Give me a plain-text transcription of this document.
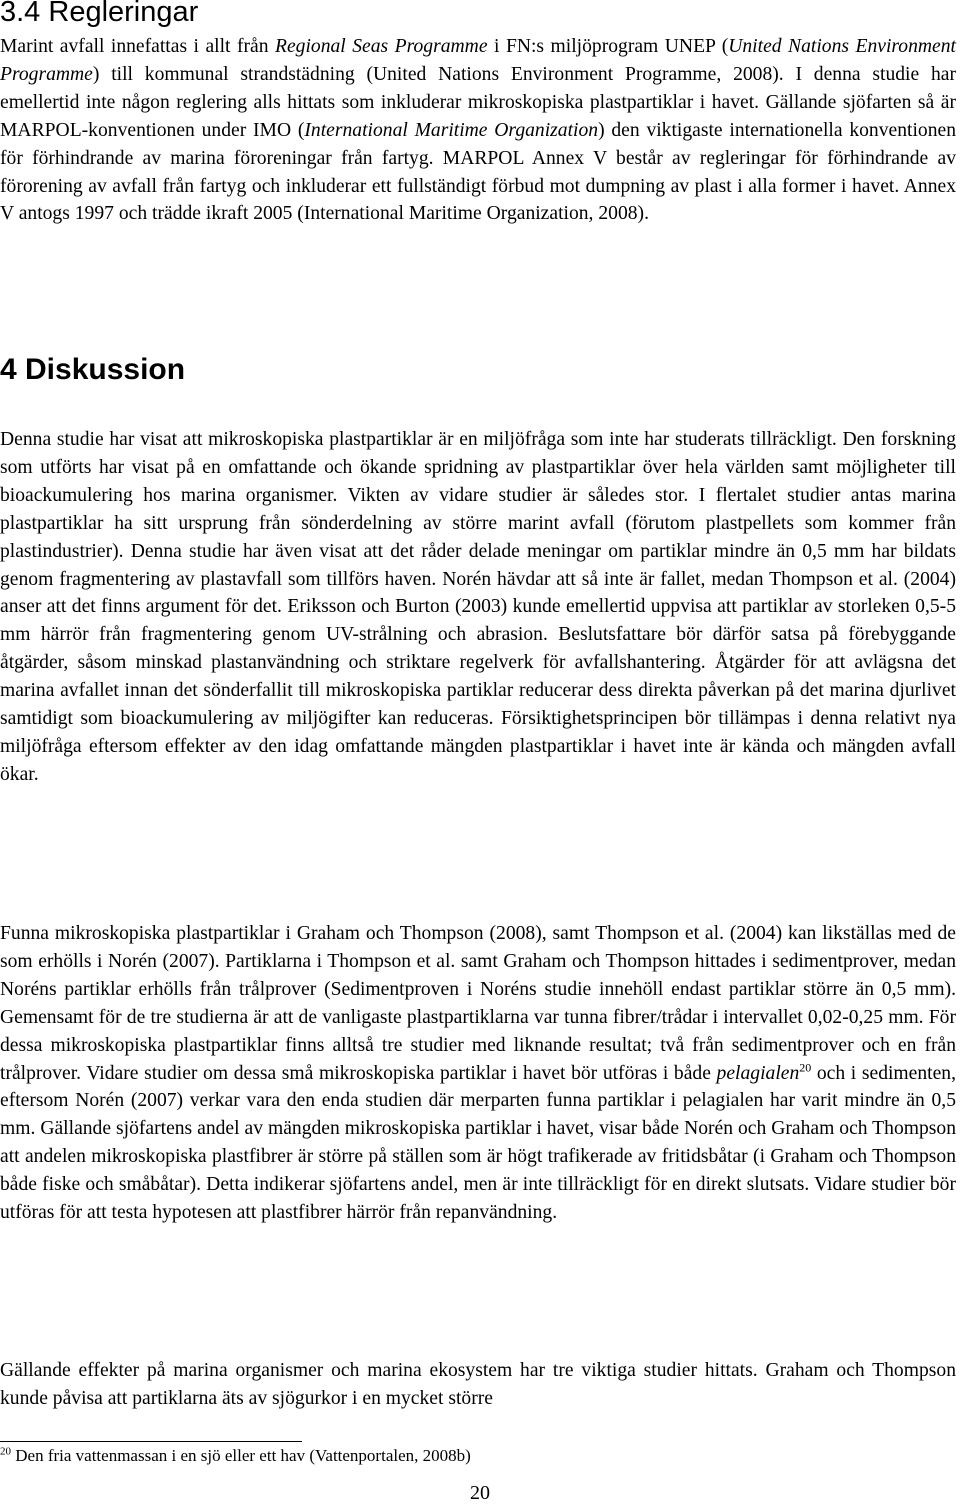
3.4 Regleringar

Marint avfall innefattas i allt från Regional Seas Programme i FN:s miljöprogram UNEP (United Nations Environment Programme) till kommunal strandstädning (United Nations Environment Programme, 2008). I denna studie har emellertid inte någon reglering alls hittats som inkluderar mikroskopiska plastpartiklar i havet. Gällande sjöfarten så är MARPOL-konventionen under IMO (International Maritime Organization) den viktigaste internationella konventionen för förhindrande av marina föroreningar från fartyg. MARPOL Annex V består av regleringar för förhindrande av förorening av avfall från fartyg och inkluderar ett fullständigt förbud mot dumpning av plast i alla former i havet. Annex V antogs 1997 och trädde ikraft 2005 (International Maritime Organization, 2008).

4 Diskussion

Denna studie har visat att mikroskopiska plastpartiklar är en miljöfråga som inte har studerats tillräckligt. Den forskning som utförts har visat på en omfattande och ökande spridning av plastpartiklar över hela världen samt möjligheter till bioackumulering hos marina organismer. Vikten av vidare studier är således stor. I flertalet studier antas marina plastpartiklar ha sitt ursprung från sönderdelning av större marint avfall (förutom plastpellets som kommer från plastindustrier). Denna studie har även visat att det råder delade meningar om partiklar mindre än 0,5 mm har bildats genom fragmentering av plastavfall som tillförs haven. Norén hävdar att så inte är fallet, medan Thompson et al. (2004) anser att det finns argument för det. Eriksson och Burton (2003) kunde emellertid uppvisa att partiklar av storleken 0,5-5 mm härrör från fragmentering genom UV-strålning och abrasion. Beslutsfattare bör därför satsa på förebyggande åtgärder, såsom minskad plastanvändning och striktare regelverk för avfallshantering. Åtgärder för att avlägsna det marina avfallet innan det sönderfallit till mikroskopiska partiklar reducerar dess direkta påverkan på det marina djurlivet samtidigt som bioackumulering av miljögifter kan reduceras. Försiktighetsprincipen bör tillämpas i denna relativt nya miljöfråga eftersom effekter av den idag omfattande mängden plastpartiklar i havet inte är kända och mängden avfall ökar.

Funna mikroskopiska plastpartiklar i Graham och Thompson (2008), samt Thompson et al. (2004) kan likställas med de som erhölls i Norén (2007). Partiklarna i Thompson et al. samt Graham och Thompson hittades i sedimentprover, medan Noréns partiklar erhölls från trålprover (Sedimentproven i Noréns studie innehöll endast partiklar större än 0,5 mm). Gemensamt för de tre studierna är att de vanligaste plastpartiklarna var tunna fibrer/trådar i intervallet 0,02-0,25 mm. För dessa mikroskopiska plastpartiklar finns alltså tre studier med liknande resultat; två från sedimentprover och en från trålprover. Vidare studier om dessa små mikroskopiska partiklar i havet bör utföras i både pelagialen$^{20}$ och i sedimenten, eftersom Norén (2007) verkar vara den enda studien där merparten funna partiklar i pelagialen har varit mindre än 0,5 mm. Gällande sjöfartens andel av mängden mikroskopiska partiklar i havet, visar både Norén och Graham och Thompson att andelen mikroskopiska plastfibrer är större på ställen som är högt trafikerade av fritidsbåtar (i Graham och Thompson både fiske och småbåtar). Detta indikerar sjöfartens andel, men är inte tillräckligt för en direkt slutsats. Vidare studier bör utföras för att testa hypotesen att plastfibrer härrör från repanvändning.

Gällande effekter på marina organismer och marina ekosystem har tre viktiga studier hittats. Graham och Thompson kunde påvisa att partiklarna äts av sjögurkor i en mycket större

$^{20}$ Den fria vattenmassan i en sjö eller ett hav (Vattenportalen, 2008b)

20
